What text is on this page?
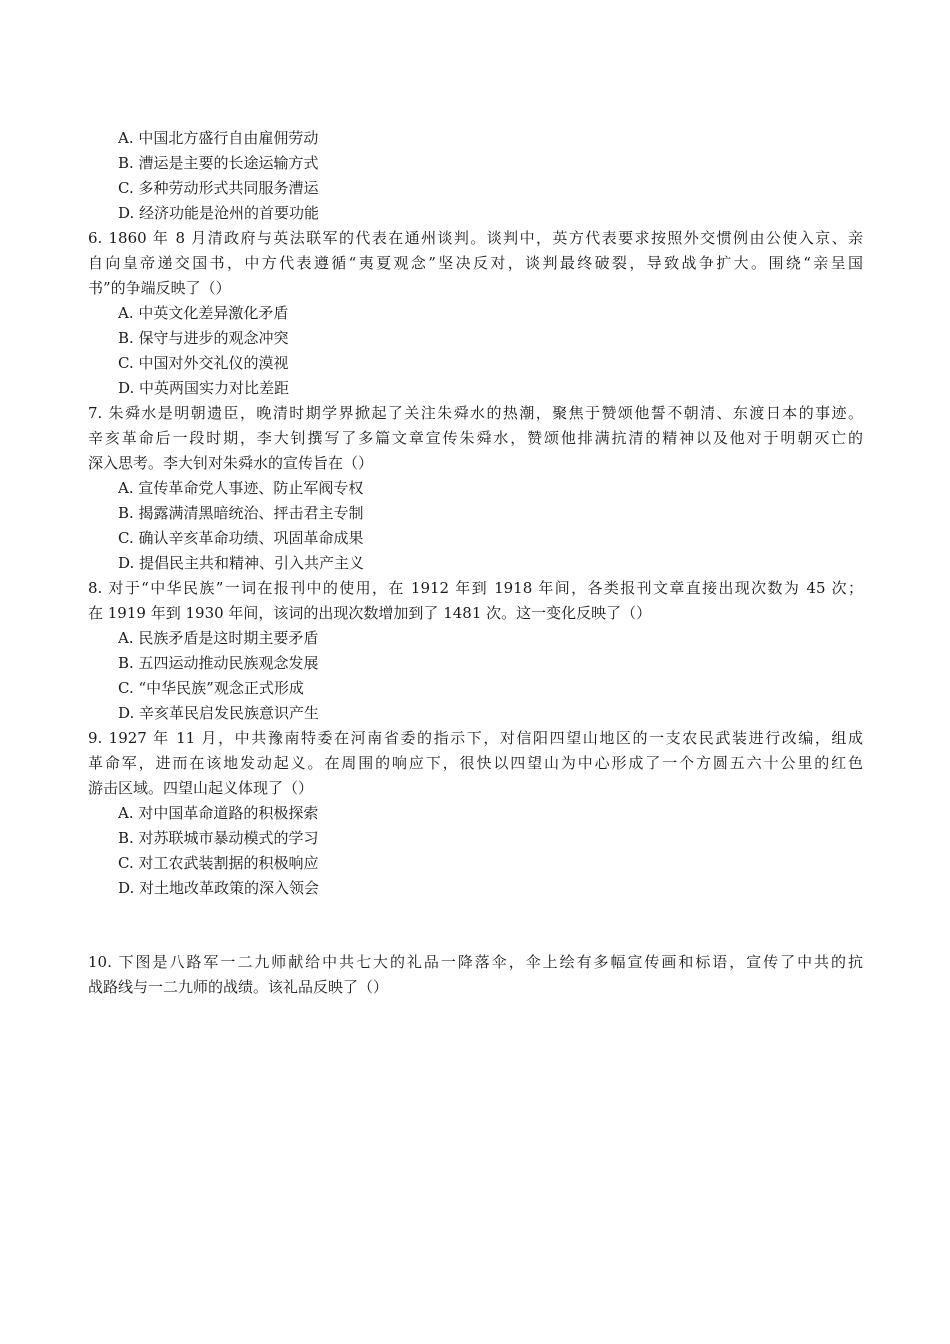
A. 中国北方盛行自由雇佣劳动
B. 漕运是主要的长途运输方式
C. 多种劳动形式共同服务漕运
D. 经济功能是沧州的首要功能
6. 1860 年 8 月清政府与英法联军的代表在通州谈判。谈判中，英方代表要求按照外交惯例由公使入京、亲
自向皇帝递交国书，中方代表遵循“夷夏观念”坚决反对，谈判最终破裂，导致战争扩大。围绕“亲呈国
书”的争端反映了（）
A. 中英文化差异激化矛盾
B. 保守与进步的观念冲突
C. 中国对外交礼仪的漠视
D. 中英两国实力对比差距
7. 朱舜水是明朝遗臣，晚清时期学界掀起了关注朱舜水的热潮，聚焦于赞颂他誓不朝清、东渡日本的事迹。
辛亥革命后一段时期，李大钊撰写了多篇文章宣传朱舜水，赞颂他排满抗清的精神以及他对于明朝灭亡的
深入思考。李大钊对朱舜水的宣传旨在（）
A. 宣传革命党人事迹、防止军阀专权
B. 揭露满清黑暗统治、抨击君主专制
C. 确认辛亥革命功绩、巩固革命成果
D. 提倡民主共和精神、引入共产主义
8. 对于“中华民族”一词在报刊中的使用，在 1912 年到 1918 年间，各类报刊文章直接出现次数为 45 次；
在 1919 年到 1930 年间，该词的出现次数增加到了 1481 次。这一变化反映了（）
A. 民族矛盾是这时期主要矛盾
B. 五四运动推动民族观念发展
C. “中华民族”观念正式形成
D. 辛亥革民启发民族意识产生
9. 1927 年 11 月，中共豫南特委在河南省委的指示下，对信阳四望山地区的一支农民武装进行改编，组成
革命军，进而在该地发动起义。在周围的响应下，很快以四望山为中心形成了一个方圆五六十公里的红色
游击区域。四望山起义体现了（）
A. 对中国革命道路的积极探索
B. 对苏联城市暴动模式的学习
C. 对工农武装割据的积极响应
D. 对土地改革政策的深入领会
10. 下图是八路军一二九师献给中共七大的礼品一降落伞，伞上绘有多幅宣传画和标语，宣传了中共的抗
战路线与一二九师的战绩。该礼品反映了（）
